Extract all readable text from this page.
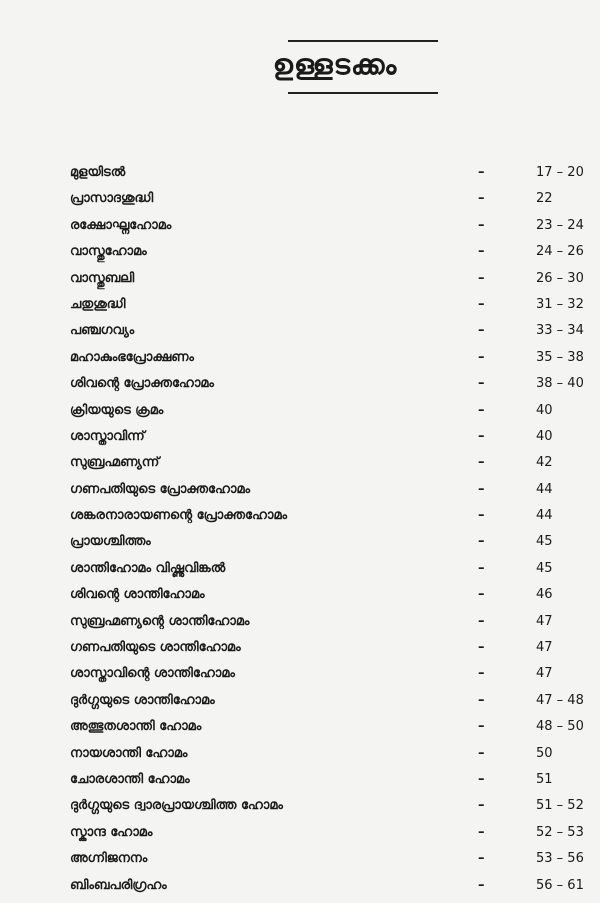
ഉള്ളടക്കം
മുളയിടൽ	–	17 – 20
പ്രാസാദശുദ്ധി	–	22
രക്ഷോഘ്നഹോമം	–	23 – 24
വാസ്തുഹോമം	–	24 – 26
വാസ്തുബലി	–	26 – 30
ചതുശുദ്ധി	–	31 – 32
പഞ്ചഗവ്യം	–	33 – 34
മഹാകുംഭപ്രോക്ഷണം	–	35 – 38
ശിവന്റെ പ്രോക്തഹോമം	–	38 – 40
ക്രിയയുടെ ക്രമം	–	40
ശാസ്താവിന്ന്	–	40
സുബ്രഹ്മണ്യന്ന്	–	42
ഗണപതിയുടെ പ്രോക്തഹോമം	–	44
ശങ്കരനാരായണന്റെ പ്രോക്തഹോമം	–	44
പ്രായശ്ചിത്തം	–	45
ശാന്തിഹോമം വിഷ്ണുവിങ്കൽ	–	45
ശിവന്റെ ശാന്തിഹോമം	–	46
സുബ്രഹ്മണ്യന്റെ ശാന്തിഹോമം	–	47
ഗണപതിയുടെ ശാന്തിഹോമം	–	47
ശാസ്താവിന്റെ ശാന്തിഹോമം	–	47
ദുർഗ്ഗയുടെ ശാന്തിഹോമം	–	47 – 48
അത്ഭുതശാന്തി ഹോമം	–	48 – 50
നായശാന്തി ഹോമം	–	50
ചോരശാന്തി ഹോമം	–	51
ദുർഗ്ഗയുടെ ദ്വാരപ്രായശ്ചിത്ത ഹോമം	–	51 – 52
സ്കാന്ദ ഹോമം	–	52 – 53
അഗ്നിജനനം	–	53 – 56
ബിംബപരിഗ്രഹം	–	56 – 61
